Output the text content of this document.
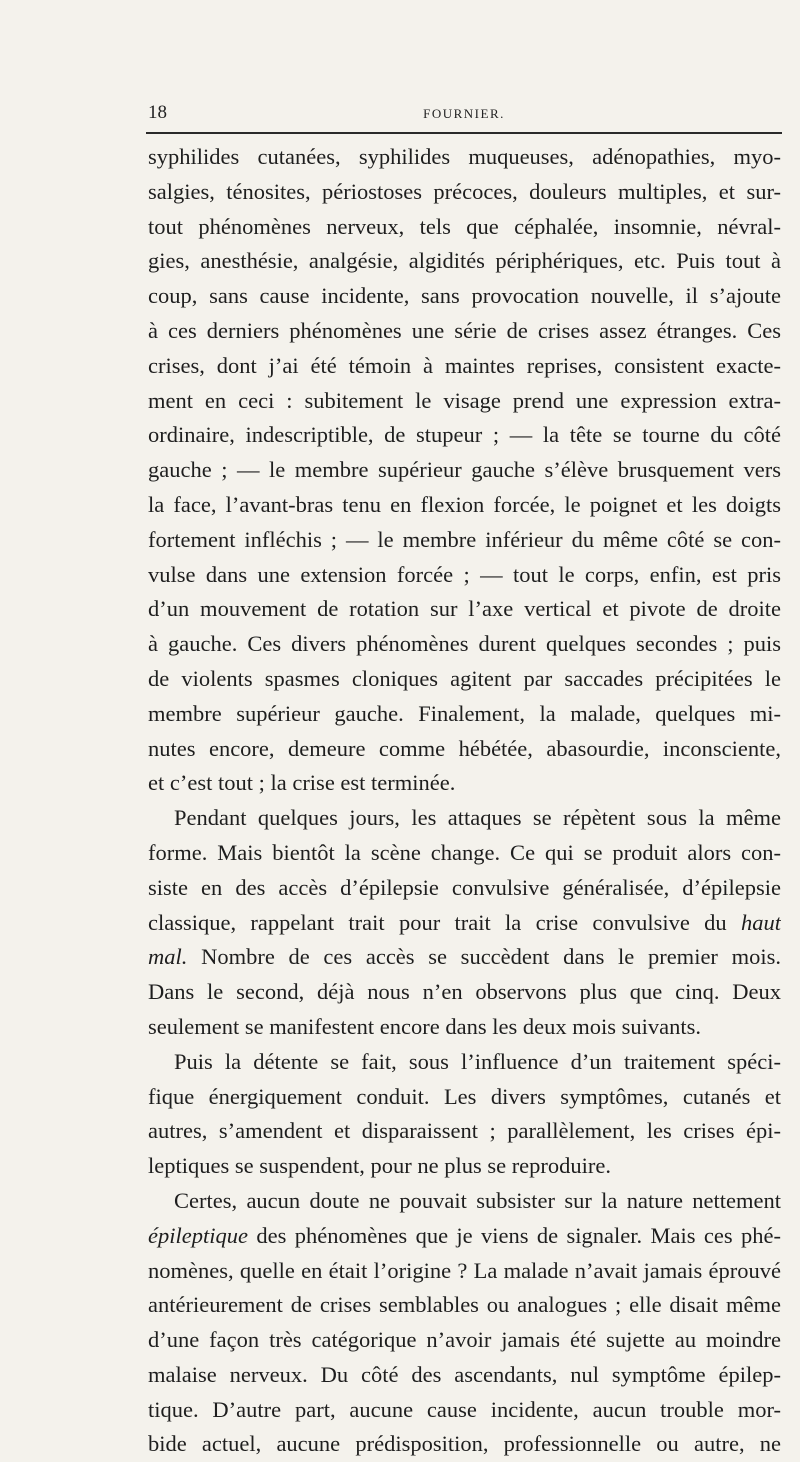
18	FOURNIER.
syphilides cutanées, syphilides muqueuses, adénopathies, myo-
salgies, ténosites, périostoses précoces, douleurs multiples, et sur-
tout phénomènes nerveux, tels que céphalée, insomnie, névral-
gies, anesthésie, analgésie, algidités périphériques, etc. Puis tout à
coup, sans cause incidente, sans provocation nouvelle, il s’ajoute
à ces derniers phénomènes une série de crises assez étranges. Ces
crises, dont j’ai été témoin à maintes reprises, consistent exacte-
ment en ceci : subitement le visage prend une expression extra-
ordinaire, indescriptible, de stupeur ; — la tête se tourne du côté
gauche ; — le membre supérieur gauche s’élève brusquement vers
la face, l’avant-bras tenu en flexion forcée, le poignet et les doigts
fortement infléchis ; — le membre inférieur du même côté se con-
vulse dans une extension forcée ; — tout le corps, enfin, est pris
d’un mouvement de rotation sur l’axe vertical et pivote de droite
à gauche. Ces divers phénomènes durent quelques secondes ; puis
de violents spasmes cloniques agitent par saccades précipitées le
membre supérieur gauche. Finalement, la malade, quelques mi-
nutes encore, demeure comme hébétée, abasourdie, inconsciente,
et c’est tout ; la crise est terminée.
Pendant quelques jours, les attaques se répètent sous la même
forme. Mais bientôt la scène change. Ce qui se produit alors con-
siste en des accès d’épilepsie convulsive généralisée, d’épilepsie
classique, rappelant trait pour trait la crise convulsive du haut
mal. Nombre de ces accès se succèdent dans le premier mois.
Dans le second, déjà nous n’en observons plus que cinq. Deux
seulement se manifestent encore dans les deux mois suivants.
Puis la détente se fait, sous l’influence d’un traitement spéci-
fique énergiquement conduit. Les divers symptômes, cutanés et
autres, s’amendent et disparaissent ; parallèlement, les crises épi-
leptiques se suspendent, pour ne plus se reproduire.
Certes, aucun doute ne pouvait subsister sur la nature nettement
épileptique des phénomènes que je viens de signaler. Mais ces phé-
nomènes, quelle en était l’origine ? La malade n’avait jamais éprouvé
antérieurement de crises semblables ou analogues ; elle disait même
d’une façon très catégorique n’avoir jamais été sujette au moindre
malaise nerveux. Du côté des ascendants, nul symptôme épilep-
tique. D’autre part, aucune cause incidente, aucun trouble mor-
bide actuel, aucune prédisposition, professionnelle ou autre, ne
